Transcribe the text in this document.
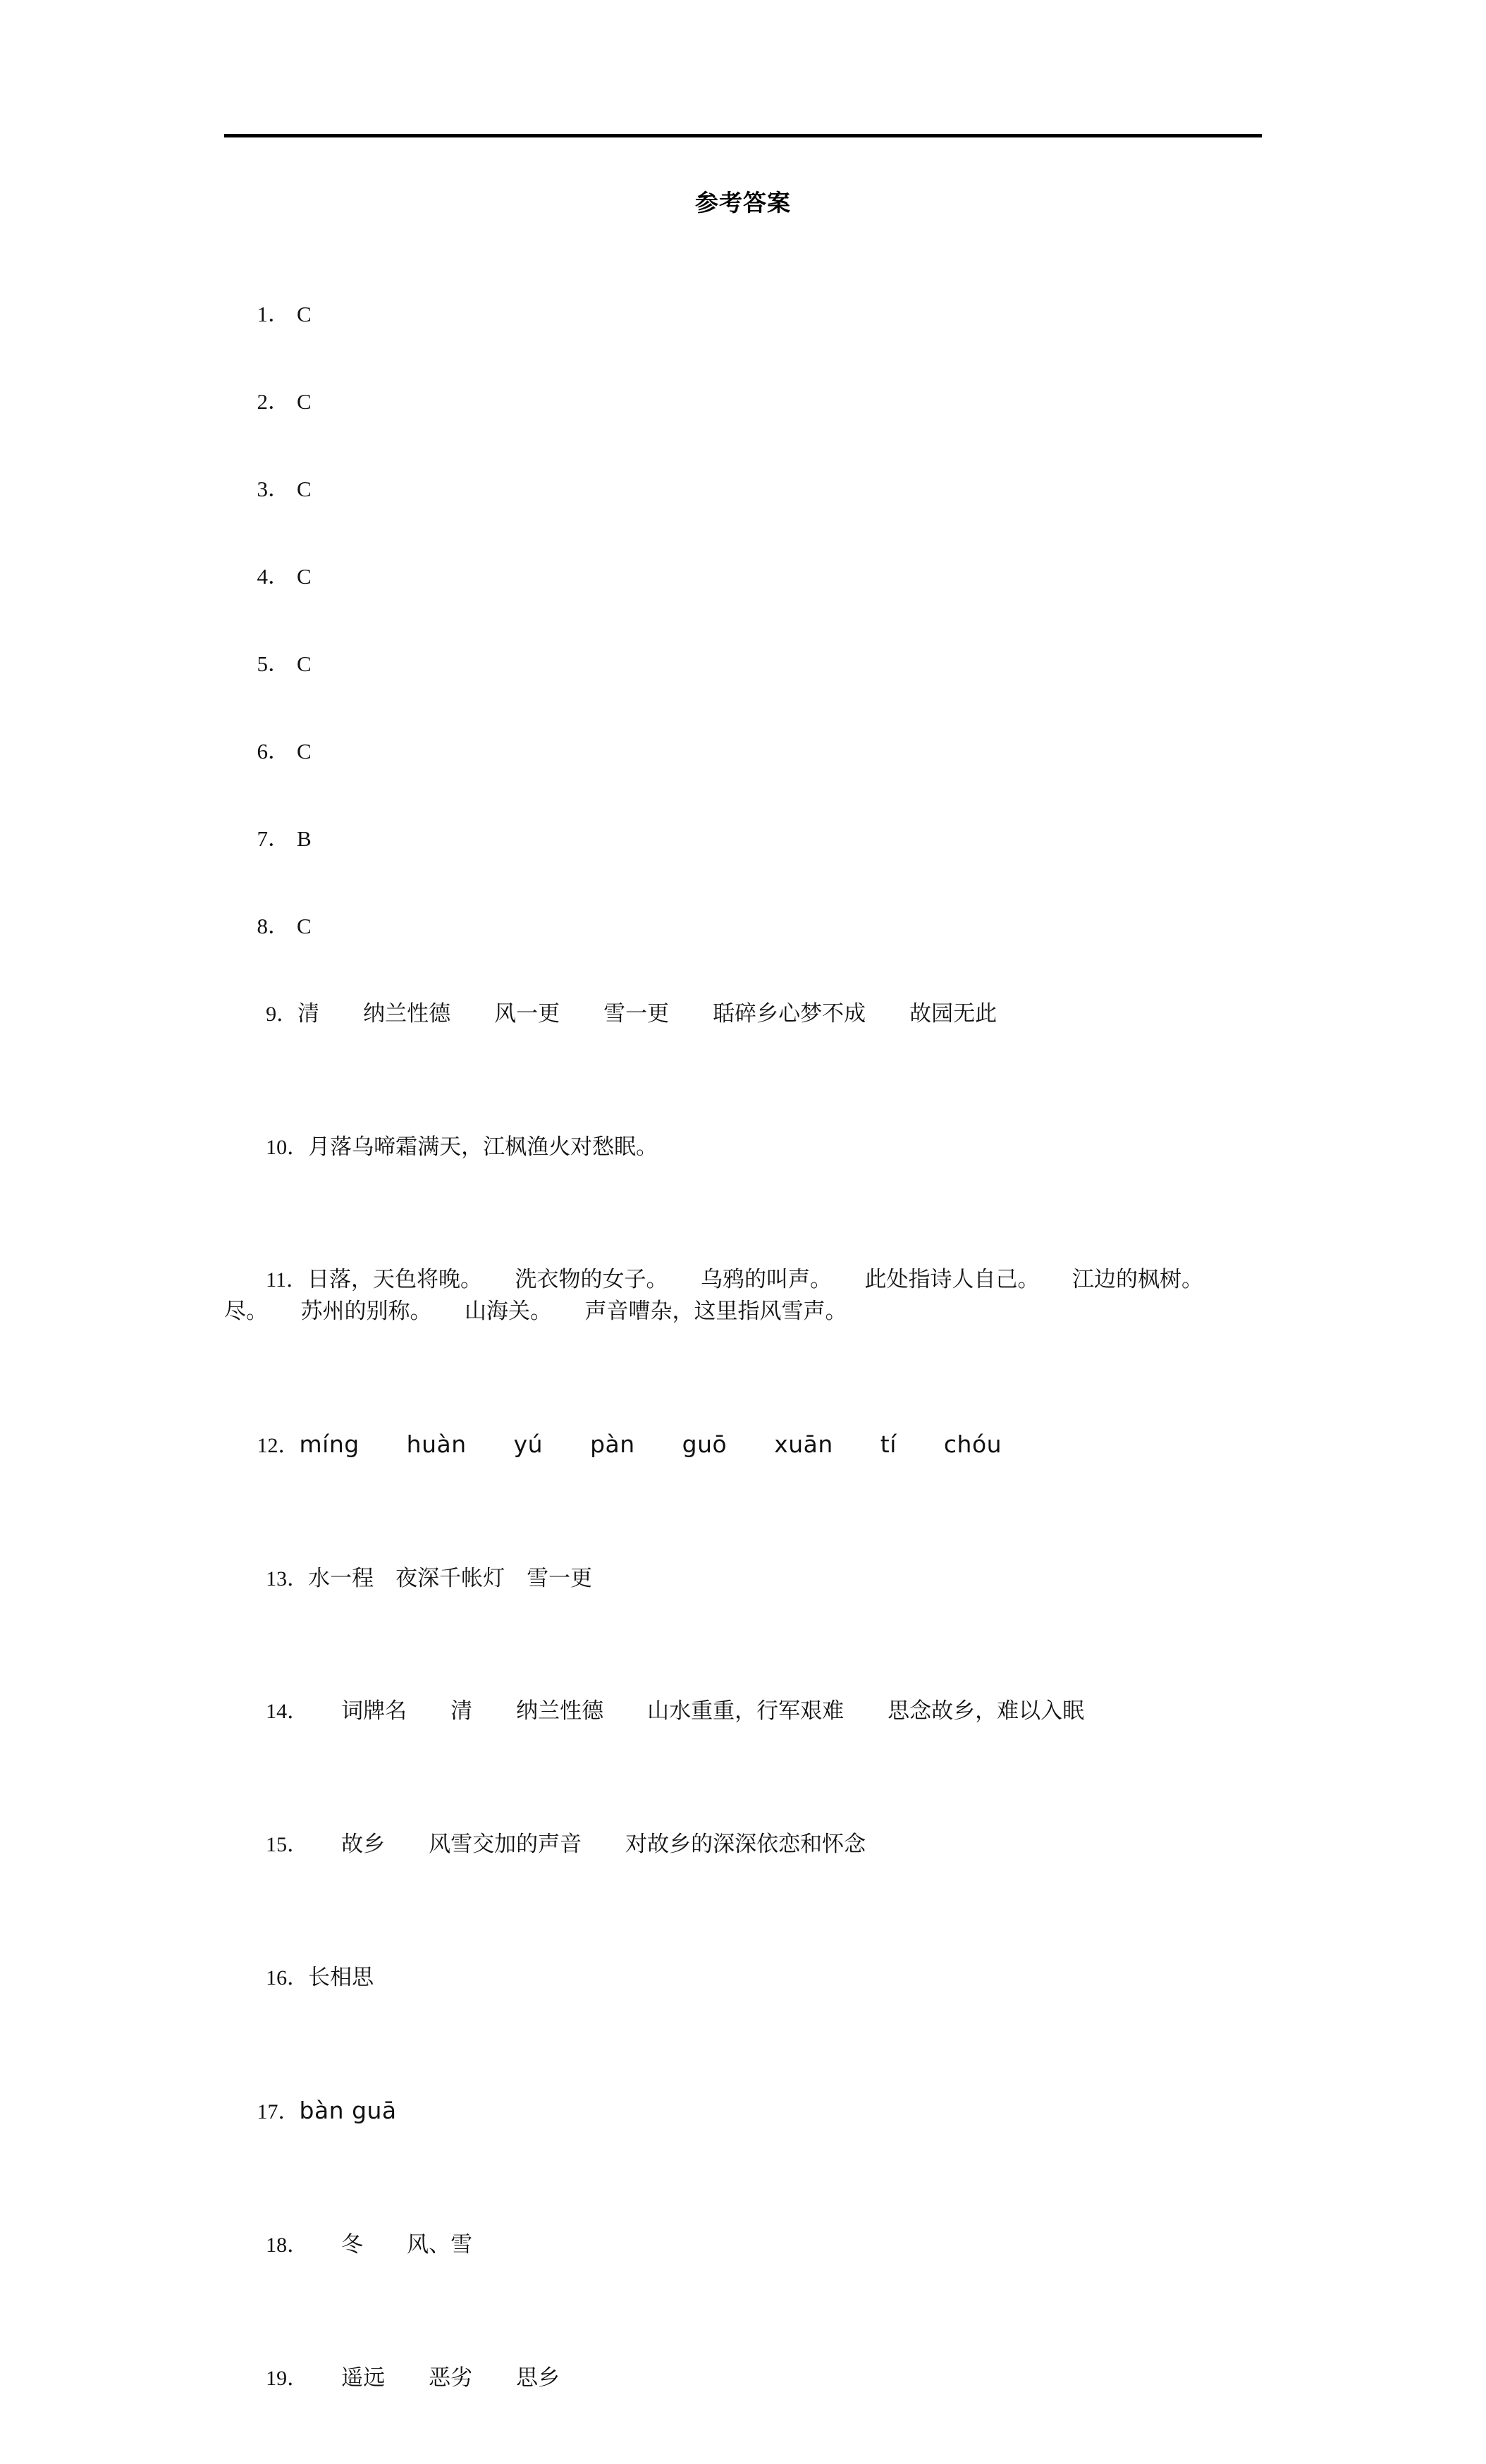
参考答案

1． C

2． C

3． C

4． C

5． C

6． C

7． B

8． C

9．清　　纳兰性德　　风一更　　雪一更　　聒碎乡心梦不成　　故园无此

10．月落乌啼霜满天，江枫渔火对愁眠。

11．日落，天色将晚。　　洗衣物的女子。　　乌鸦的叫声。　　此处指诗人自己。　　江边的枫树。　　尽。　　苏州的别称。　　山海关。　　声音嘈杂，这里指风雪声。

12．míng　　huàn　　yú　　pàn　　guō　　xuān　　tí　　chóu

13．水一程　夜深千帐灯　雪一更

14．　　词牌名　　清　　纳兰性德　　山水重重，行军艰难　　思念故乡，难以入眠

15．　　故乡　　风雪交加的声音　　对故乡的深深依恋和怀念

16．长相思

17．bàn guā

18．　　冬　　风、雪

19．　　遥远　　恶劣　　思乡
